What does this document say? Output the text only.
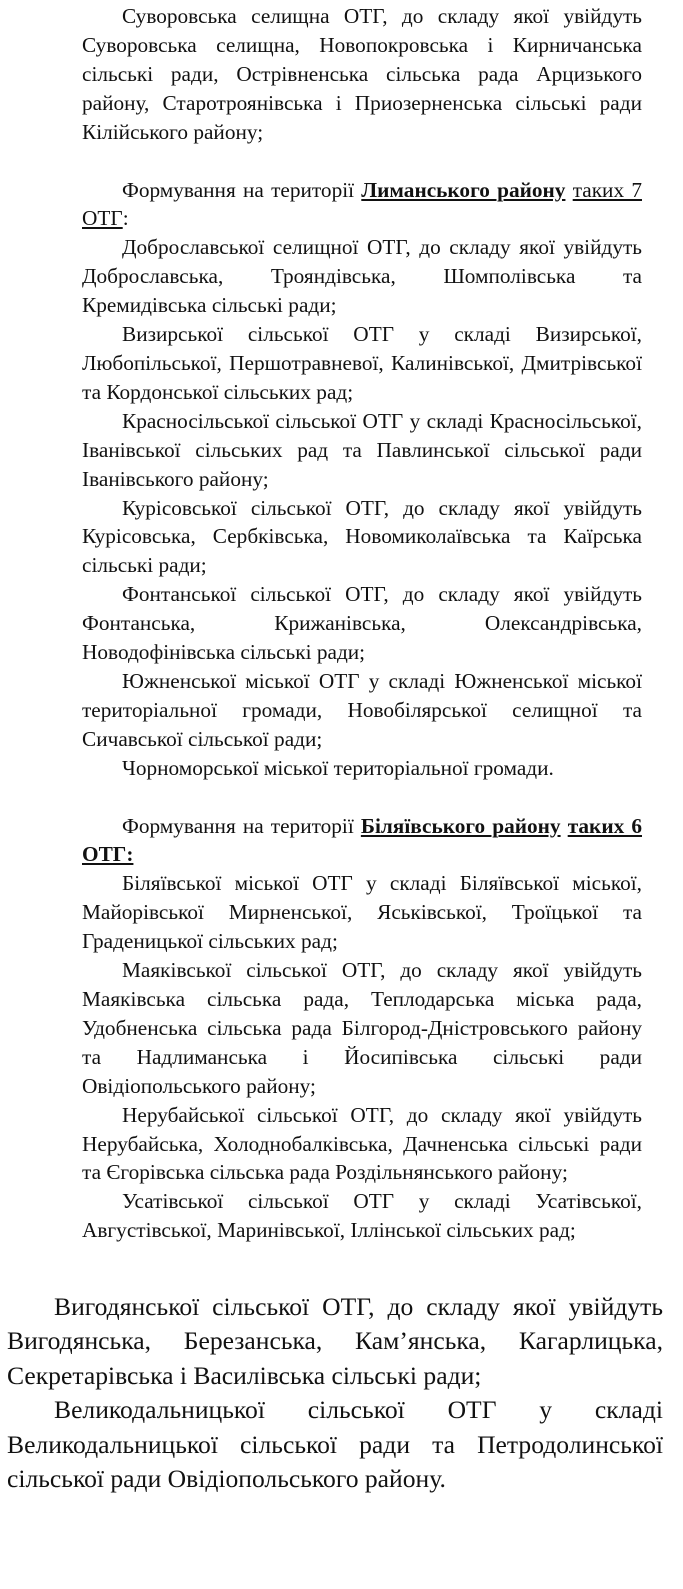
Суворовська селищна ОТГ, до складу якої увійдуть Суворовська селищна, Новопокровська і Кирничанська сільські ради, Острівненська сільська рада Арцизького району, Старотроянівська і Приозерненська сільські ради Кілійського району;

Формування на території Лиманського району таких 7 ОТГ:

Доброславської селищної ОТГ, до складу якої увійдуть Доброславська, Трояндівська, Шомполівська та Кремидівська сільські ради;

Визирської сільської ОТГ у складі Визирської, Любопільської, Першотравневої, Калинівської, Дмитрівської та Кордонської сільських рад;

Красносільської сільської ОТГ у складі Красносільської, Іванівської сільських рад та Павлинської сільської ради Іванівського району;

Курісовської сільської ОТГ, до складу якої увійдуть Курісовська, Сербківська, Новомиколаївська та Каїрська сільські ради;

Фонтанської сільської ОТГ, до складу якої увійдуть Фонтанська, Крижанівська, Олександрівська, Новодофінівська сільські ради;

Южненської міської ОТГ у складі Южненської міської територіальної громади, Новобілярської селищної та Сичавської сільської ради;

Чорноморської міської територіальної громади.

Формування на території Біляївського району таких 6 ОТГ:

Біляївської міської ОТГ у складі Біляївської міської, Майорівської Мирненської, Яськівської, Троїцької та Граденицької сільських рад;

Маяківської сільської ОТГ, до складу якої увійдуть Маяківська сільська рада, Теплодарська міська рада, Удобненська сільська рада Білгород-Дністровського району та Надлиманська і Йосипівська сільські ради Овідіопольського району;

Нерубайської сільської ОТГ, до складу якої увійдуть Нерубайська, Холоднобалківська, Дачненська сільські ради та Єгорівська сільська рада Роздільнянського району;

Усатівської сільської ОТГ у складі Усатівської, Августівської, Маринівської, Іллінської сільських рад;

Вигодянської сільської ОТГ, до складу якої увійдуть Вигодянська, Березанська, Кам’янська, Кагарлицька, Секретарівська і Василівська сільські ради;

Великодальницької сільської ОТГ у складі Великодальницької сільської ради та Петродолинської сільської ради Овідіопольського району.
